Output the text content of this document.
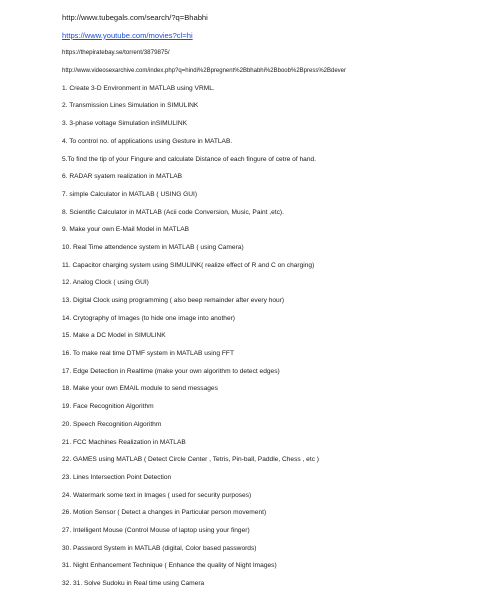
http://www.tubegals.com/search/?q=Bhabhi
https://www.youtube.com/movies?cl=hi
https://thepiratebay.se/torrent/3879875/
http://www.videosexarchive.com/index.php?q=hindi%2Bpregnent%2Bbhabhi%2Bboob%2Bpress%2Bdever
1. Create 3-D Environment in MATLAB using VRML.
2. Transmission Lines Simulation in SIMULINK
3. 3-phase voltage Simulation inSIMULINK
4. To control no. of applications using Gesture in MATLAB.
5.To find the tip of your Fingure and calculate Distance of each fingure of cetre of hand.
6. RADAR syatem realization in MATLAB
7. simple Calculator in MATLAB ( USING GUI)
8. Scientific Calculator in MATLAB (Acii code Conversion, Music, Paint ,etc).
9. Make your own E-Mail Model in MATLAB
10. Real Time attendence system in MATLAB ( using Camera)
11. Capacitor charging system using SIMULINK( realize effect of R and C on charging)
12. Analog Clock ( using GUI)
13. Digital Clock using programming ( also beep remainder after every hour)
14. Crytography of Images (to hide one image into another)
15. Make a DC Model in SIMULINK
16. To make real time DTMF system in MATLAB using FFT
17. Edge Detection in Realtime (make your own algorithm to detect edges)
18. Make your own EMAIL module to send messages
19. Face Recognition Algorithm
20. Speech Recognition Algorithm
21. FCC Machines Realization in MATLAB
22. GAMES using MATLAB ( Detect Circle Center , Tetris, Pin-ball, Paddle, Chess , etc )
23. Lines Intersection Point Detection
24. Watermark some text in Images ( used for security purposes)
26. Motion Sensor ( Detect a changes in Particular person movement)
27. Intelligent Mouse (Control Mouse of laptop using your finger)
30. Password System in MATLAB (digital, Color based passwords)
31. Night Enhancement Technique ( Enhance the quality of Night Images)
32. 31. Solve Sudoku in Real time using Camera
